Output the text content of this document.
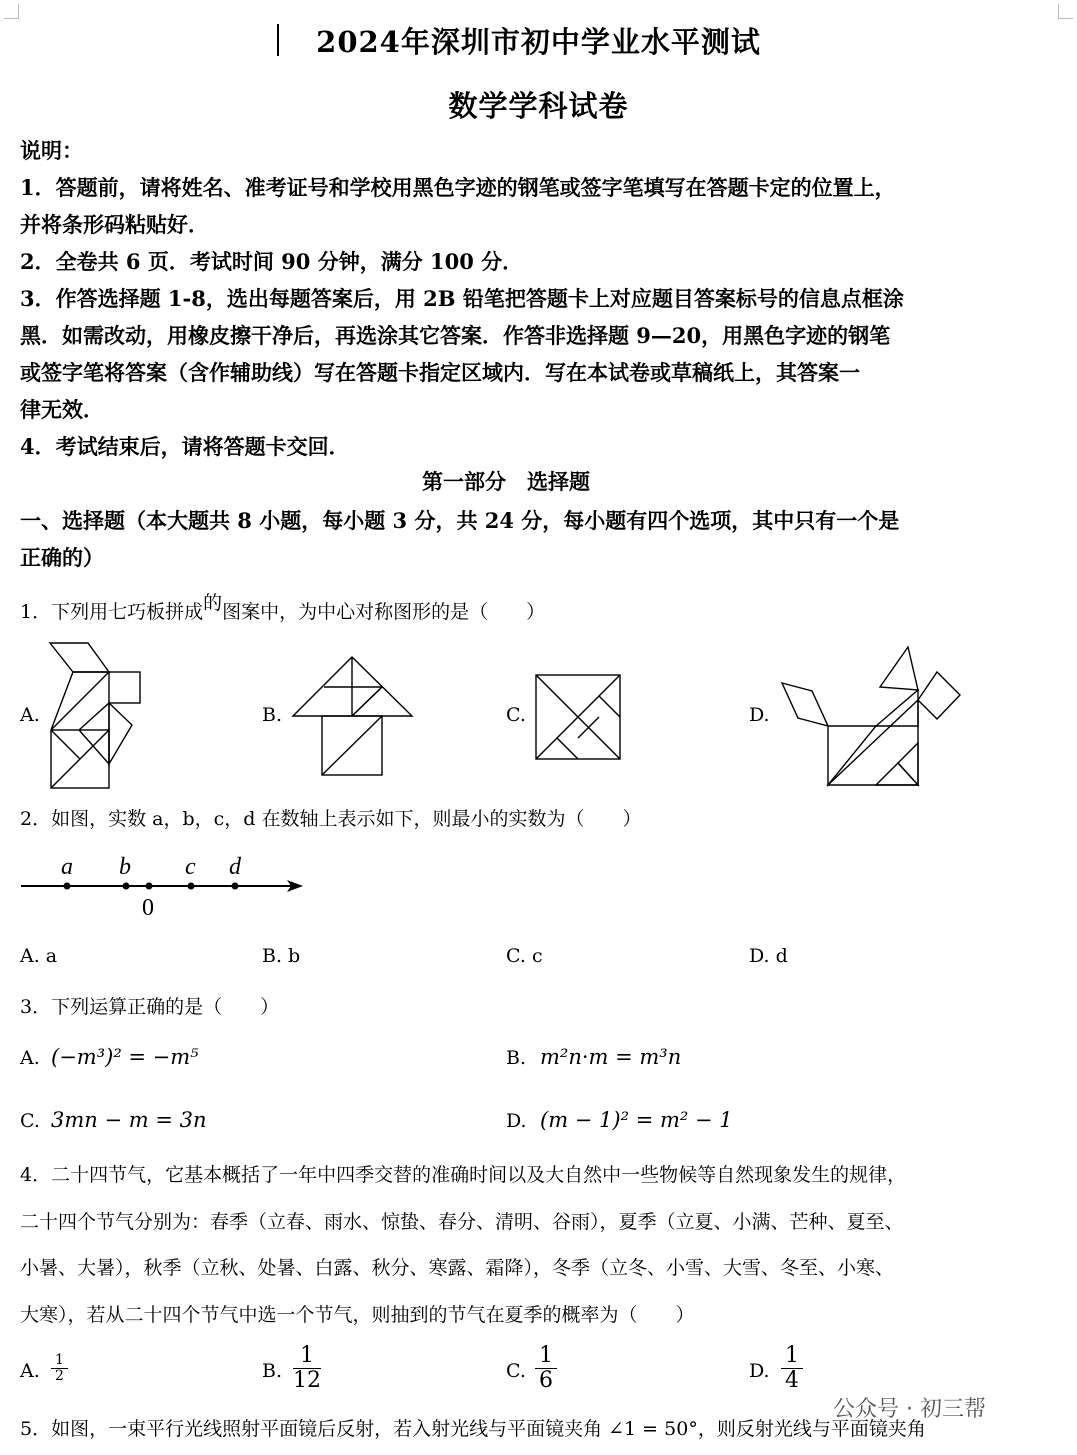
2024年深圳市初中学业水平测试
数学学科试卷

说明：

1．答题前，请将姓名、准考证号和学校用黑色字迹的钢笔或签字笔填写在答题卡定的位置上，

并将条形码粘贴好．

2．全卷共 6 页．考试时间 90 分钟，满分 100 分．

3．作答选择题 1-8，选出每题答案后，用 2B 铅笔把答题卡上对应题目答案标号的信息点框涂

黑．如需改动，用橡皮擦干净后，再选涂其它答案．作答非选择题 9—20，用黑色字迹的钢笔

或签字笔将答案（含作辅助线）写在答题卡指定区域内．写在本试卷或草稿纸上，其答案一

律无效．

4．考试结束后，请将答题卡交回．

第一部分　选择题
一、选择题（本大题共 8 小题，每小题 3 分，共 24 分，每小题有四个选项，其中只有一个是
正确的）
1．下列用七巧板拼成的图案中，为中心对称图形的是（　　）
A.	B.	C.	D.
2．如图，实数 a，b，c，d 在数轴上表示如下，则最小的实数为（　　）
a b c d
0
A. a	B. b	C. c	D. d
3．下列运算正确的是（　　）
A. (−m³)² = −m⁵	B. m²n·m = m³n
C. 3mn − m = 3n	D. (m − 1)² = m² − 1

4．二十四节气，它基本概括了一年中四季交替的准确时间以及大自然中一些物候等自然现象发生的规律，

二十四个节气分别为：春季（立春、雨水、惊蛰、春分、清明、谷雨），夏季（立夏、小满、芒种、夏至、

小暑、大暑），秋季（立秋、处暑、白露、秋分、寒露、霜降），冬季（立冬、小雪、大雪、冬至、小寒、

大寒），若从二十四个节气中选一个节气，则抽到的节气在夏季的概率为（　　）

A. $\frac{1}{2}$	B. $\frac{1}{12}$	C. $\frac{1}{6}$	D. $\frac{1}{4}$
5．如图，一束平行光线照射平面镜后反射，若入射光线与平面镜夹角 ∠1 = 50°，则反射光线与平面镜夹角
公众号 · 初三帮
